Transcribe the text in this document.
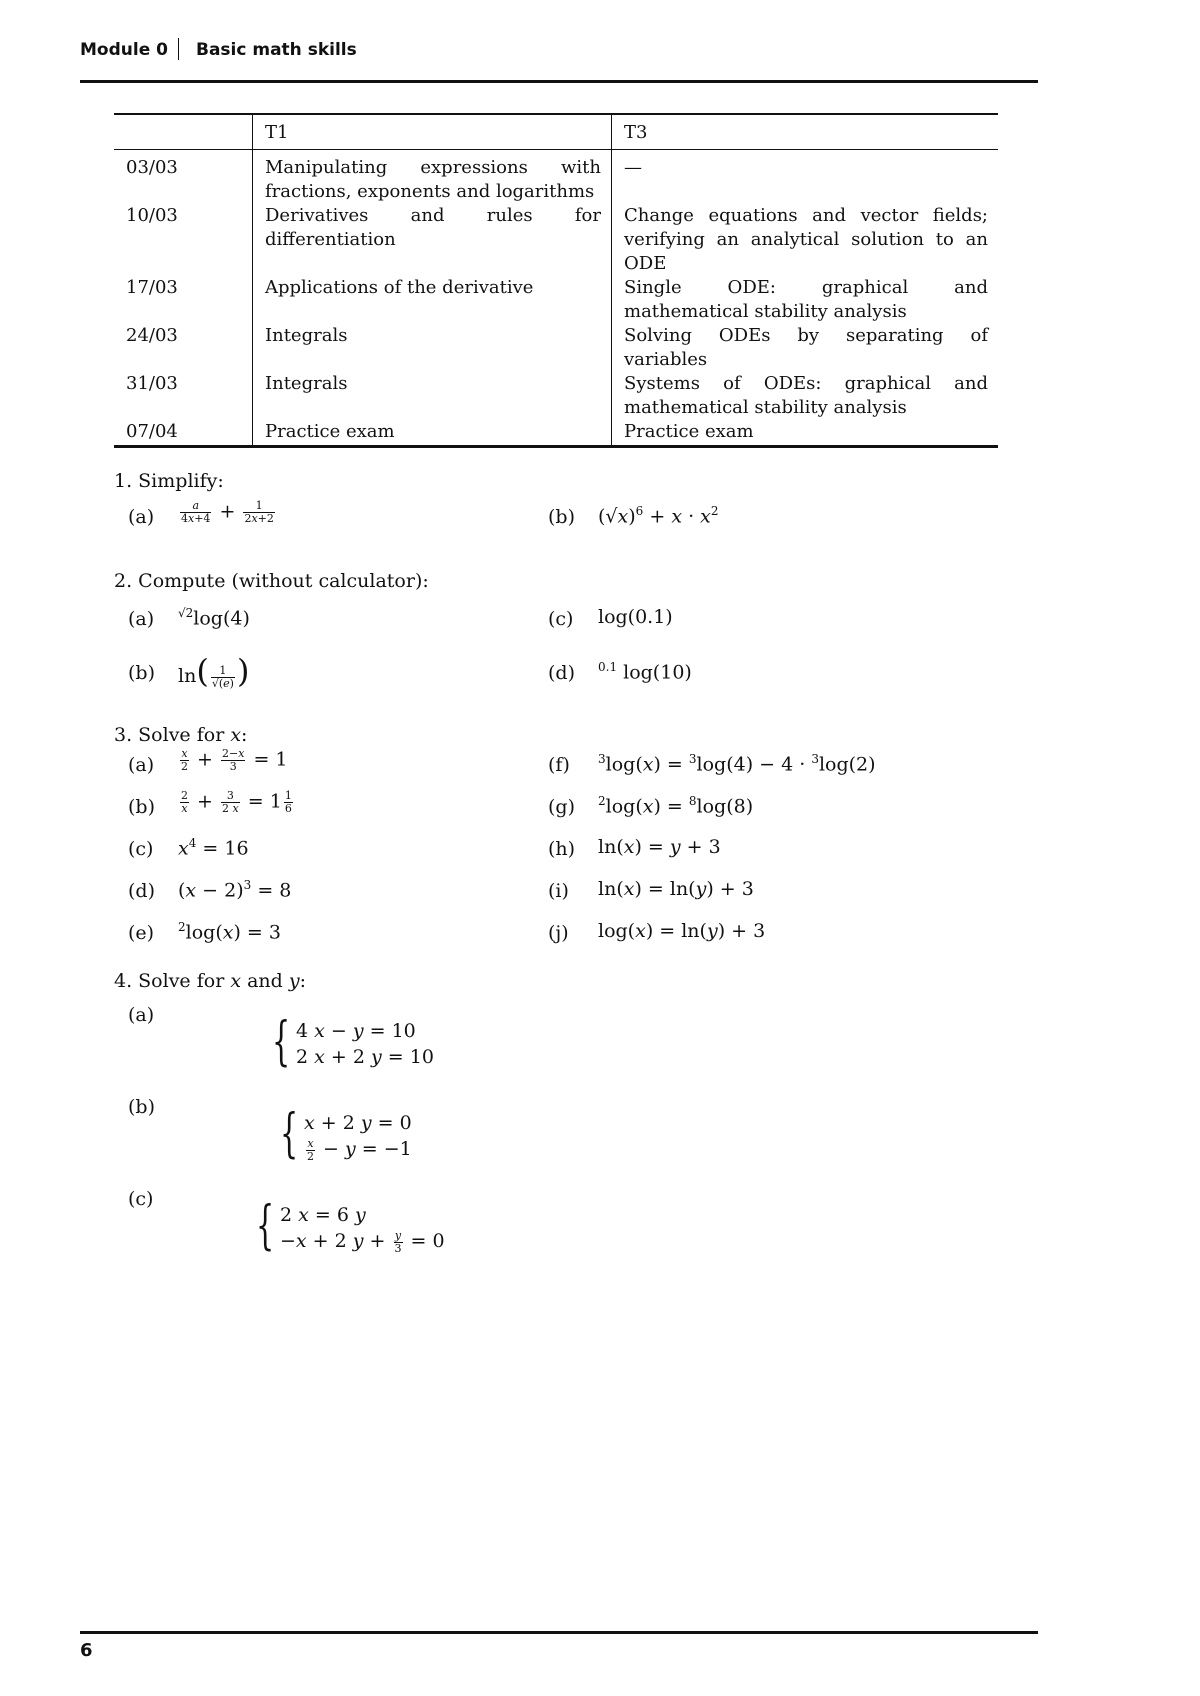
Module 0 Basic math skills
	T1	T3
03/03	Manipulating expressions with fractions, exponents and logarithms	—
10/03	Derivatives and rules for differentiation	Change equations and vector fields; verifying an analytical solution to an ODE
17/03	Applications of the derivative	Single ODE: graphical and mathematical stability analysis
24/03	Integrals	Solving ODEs by separating of variables
31/03	Integrals	Systems of ODEs: graphical and mathematical stability analysis
07/04	Practice exam	Practice exam
1. Simplify:
$(a) \frac{a}{4x+4} + \frac{1}{2x+2}$	(b) $(√x)^6 + x \cdot x^2$
2. Compute (without calculator):
(a) $^{√2}$log(4)
(b) $\ln( \frac{1}{√(e)}$ )
(c) log(0.1)
(d) $^{0.1}$ log(10)
3. Solve for x:
$(a) \frac{x}{2} + \frac{2-x}{3} = 1$
$(b) \frac{2}{x} + \frac{3}{2 x} = 1 \frac{1}{6}$
(c) $x^4 = 16$
(d) $(x - 2)^3 = 8$
(e) $^2$log(x) = 3
(f) $^3$log(x) = $^3$log(4) − 4 · $^3$log(2)
(g) $^2$log(x) = $^8$log(8)
(h) ln(x) = y + 3
(i) ln(x) = ln(y) + 3
(j) log(x) = ln(y) + 3
4. Solve for x and y:
(a) { 4 x − y = 10
2 x + 2 y = 10
(b) { x + 2 y = 0

$\frac{x}{2} - y = -1$
(c) { 2 x = 6 y
−x + 2 $y + \frac{y}{3} = 0$
6
